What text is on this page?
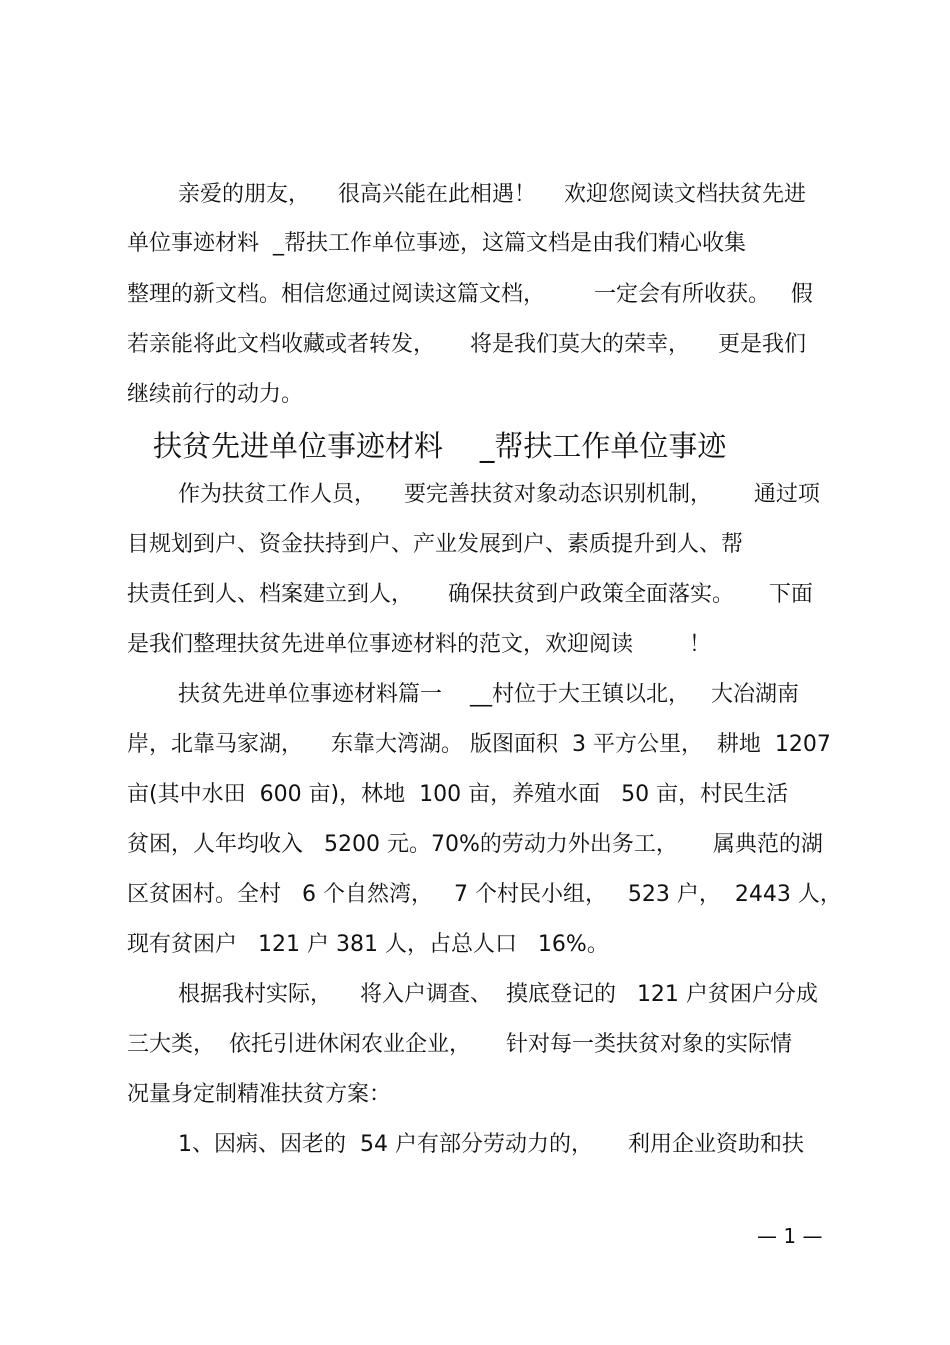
亲爱的朋友，    很高兴能在此相遇！    欢迎您阅读文档扶贫先进
单位事迹材料  _帮扶工作单位事迹，这篇文档是由我们精心收集
整理的新文档。相信您通过阅读这篇文档，       一定会有所收获。   假
若亲能将此文档收藏或者转发，     将是我们莫大的荣幸，    更是我们
继续前行的动力。
扶贫先进单位事迹材料    _帮扶工作单位事迹
作为扶贫工作人员，    要完善扶贫对象动态识别机制，      通过项
目规划到户、资金扶持到户、产业发展到户、素质提升到人、帮
扶责任到人、档案建立到人，     确保扶贫到户政策全面落实。     下面
是我们整理扶贫先进单位事迹材料的范文，欢迎阅读        ！
扶贫先进单位事迹材料篇一    __村位于大王镇以北，   大冶湖南
岸，北靠马家湖，    东靠大湾湖。 版图面积  3 平方公里，  耕地  1207
亩(其中水田  600 亩)，林地  100 亩，养殖水面   50 亩，村民生活
贫困，人年均收入   5200 元。70%的劳动力外出务工，     属典范的湖
区贫困村。全村   6 个自然湾，   7 个村民小组，   523 户，  2443 人，
现有贫困户   121 户 381 人，占总人口   16%。
根据我村实际，    将入户调查、  摸底登记的   121 户贫困户分成
三大类，  依托引进休闲农业企业，     针对每一类扶贫对象的实际情
况量身定制精准扶贫方案：
1、因病、因老的  54 户有部分劳动力的，     利用企业资助和扶
— 1 —
